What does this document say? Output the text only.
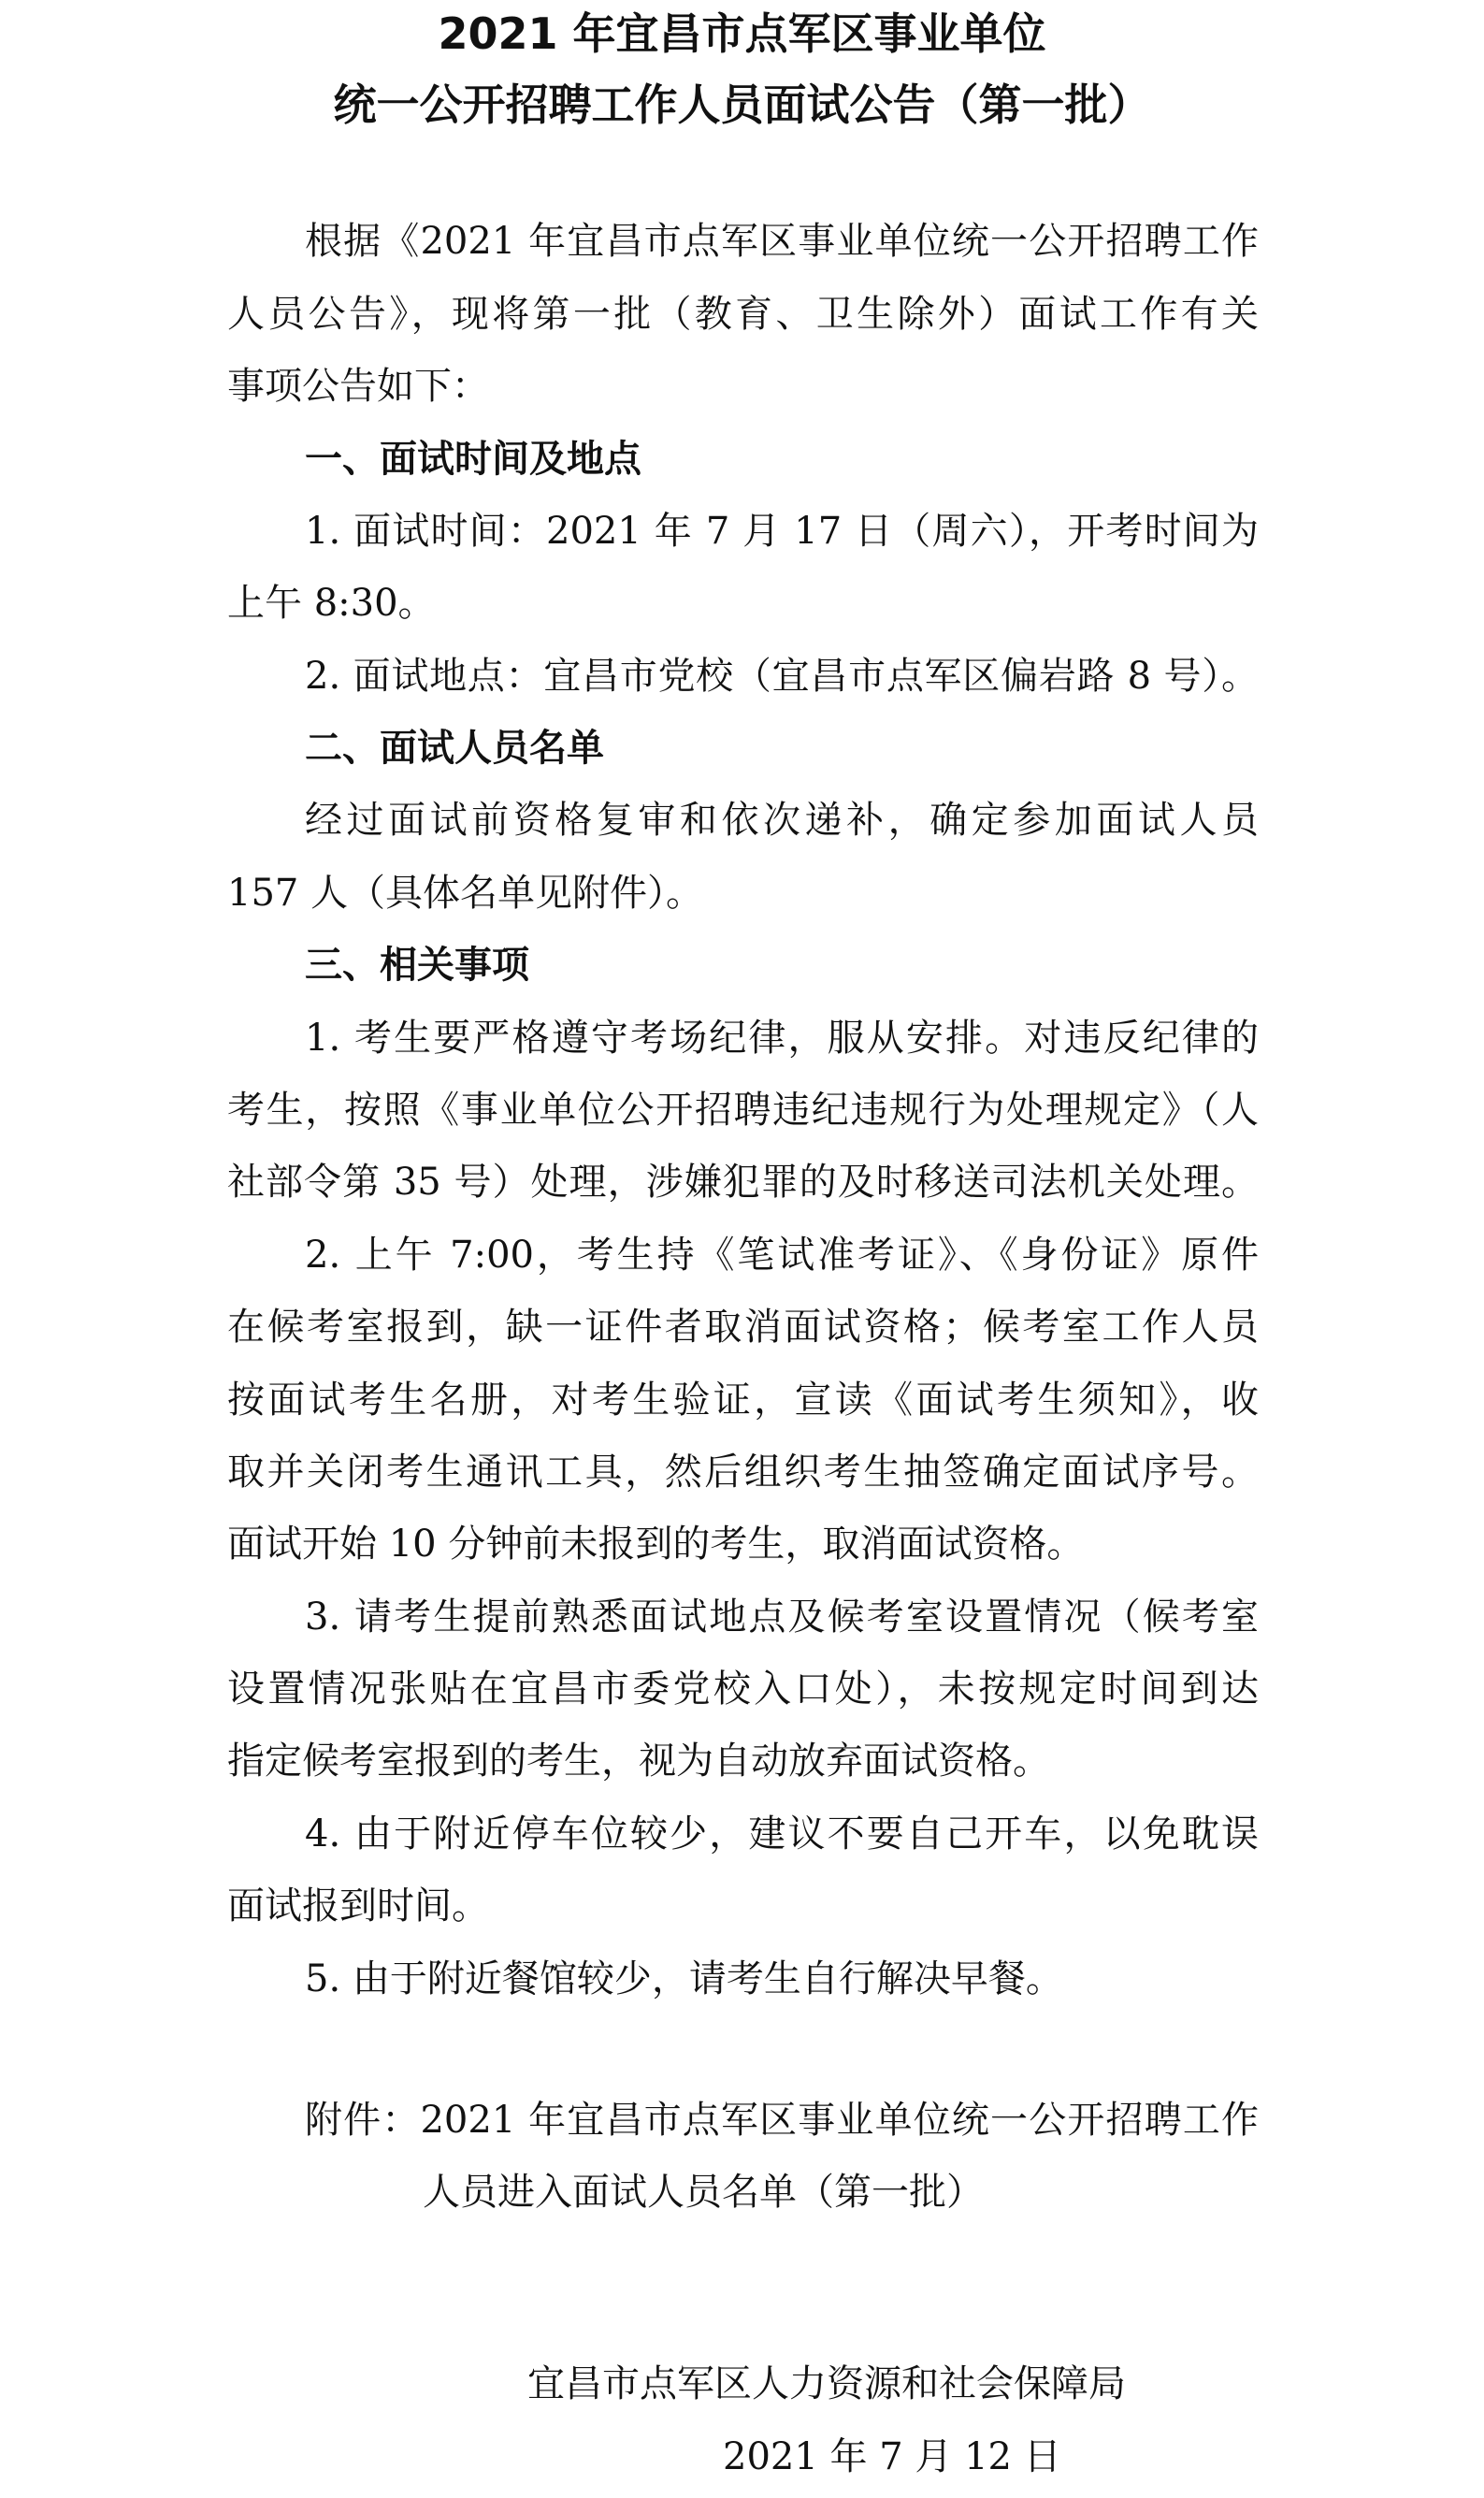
2021 年宜昌市点军区事业单位
统一公开招聘工作人员面试公告（第一批）

根据《2021 年宜昌市点军区事业单位统一公开招聘工作

人员公告》，现将第一批（教育、卫生除外）面试工作有关

事项公告如下：

一、面试时间及地点

1. 面试时间：2021 年 7 月 17 日（周六），开考时间为

上午 8:30。

2. 面试地点：宜昌市党校（宜昌市点军区偏岩路 8 号）。

二、面试人员名单

经过面试前资格复审和依次递补，确定参加面试人员

157 人（具体名单见附件）。

三、相关事项

1. 考生要严格遵守考场纪律，服从安排。对违反纪律的

考生，按照《事业单位公开招聘违纪违规行为处理规定》（人

社部令第 35 号）处理，涉嫌犯罪的及时移送司法机关处理。

2. 上午 7:00，考生持《笔试准考证》、《身份证》原件

在候考室报到，缺一证件者取消面试资格；候考室工作人员

按面试考生名册，对考生验证，宣读《面试考生须知》，收

取并关闭考生通讯工具，然后组织考生抽签确定面试序号。

面试开始 10 分钟前未报到的考生，取消面试资格。

3. 请考生提前熟悉面试地点及候考室设置情况（候考室

设置情况张贴在宜昌市委党校入口处），未按规定时间到达

指定候考室报到的考生，视为自动放弃面试资格。

4. 由于附近停车位较少，建议不要自己开车，以免耽误

面试报到时间。

5. 由于附近餐馆较少，请考生自行解决早餐。

附件：2021 年宜昌市点军区事业单位统一公开招聘工作

人员进入面试人员名单（第一批）

宜昌市点军区人力资源和社会保障局
2021 年 7 月 12 日
